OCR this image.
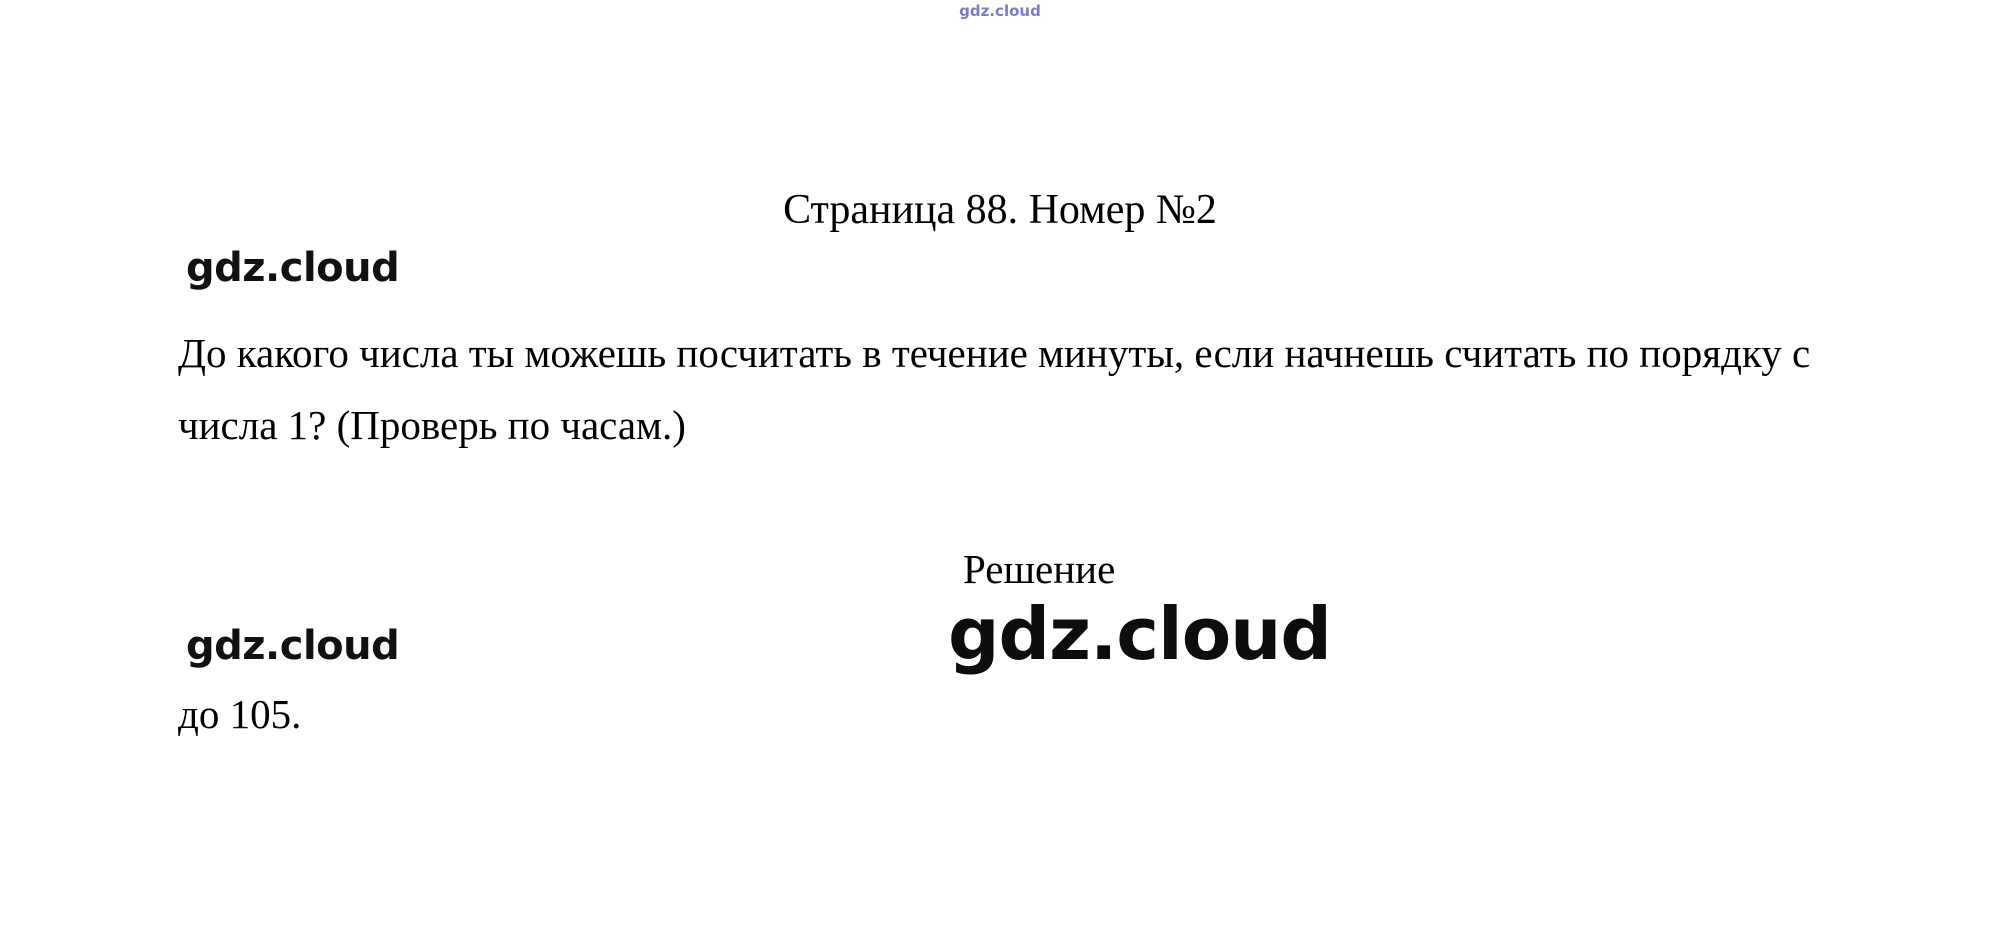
gdz.cloud
Страница 88. Номер №2
gdz.cloud
До какого числа ты можешь посчитать в течение минуты, если начнешь считать по порядку с числа 1? (Проверь по часам.)
Решение
gdz.cloud	gdz.cloud
до 105.
